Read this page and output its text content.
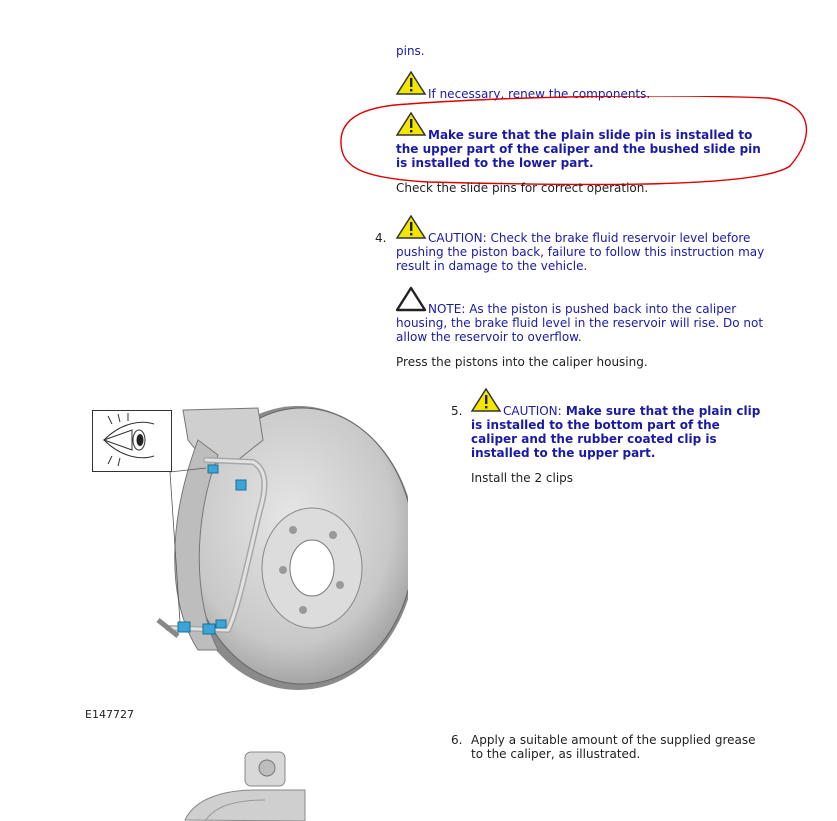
pins.
If necessary, renew the components.
Make sure that the plain slide pin is installed to the upper part of the caliper and the bushed slide pin is installed to the lower part.
Check the slide pins for correct operation.
4.	CAUTION: Check the brake fluid reservoir level before pushing the piston back, failure to follow this instruction may result in damage to the vehicle.
NOTE: As the piston is pushed back into the caliper housing, the brake fluid level in the reservoir will rise. Do not allow the reservoir to overflow.
Press the pistons into the caliper housing.
5.	CAUTION: Make sure that the plain clip is installed to the bottom part of the caliper and the rubber coated clip is installed to the upper part.
Install the 2 clips
6. Apply a suitable amount of the supplied grease to the caliper, as illustrated.
E147727
